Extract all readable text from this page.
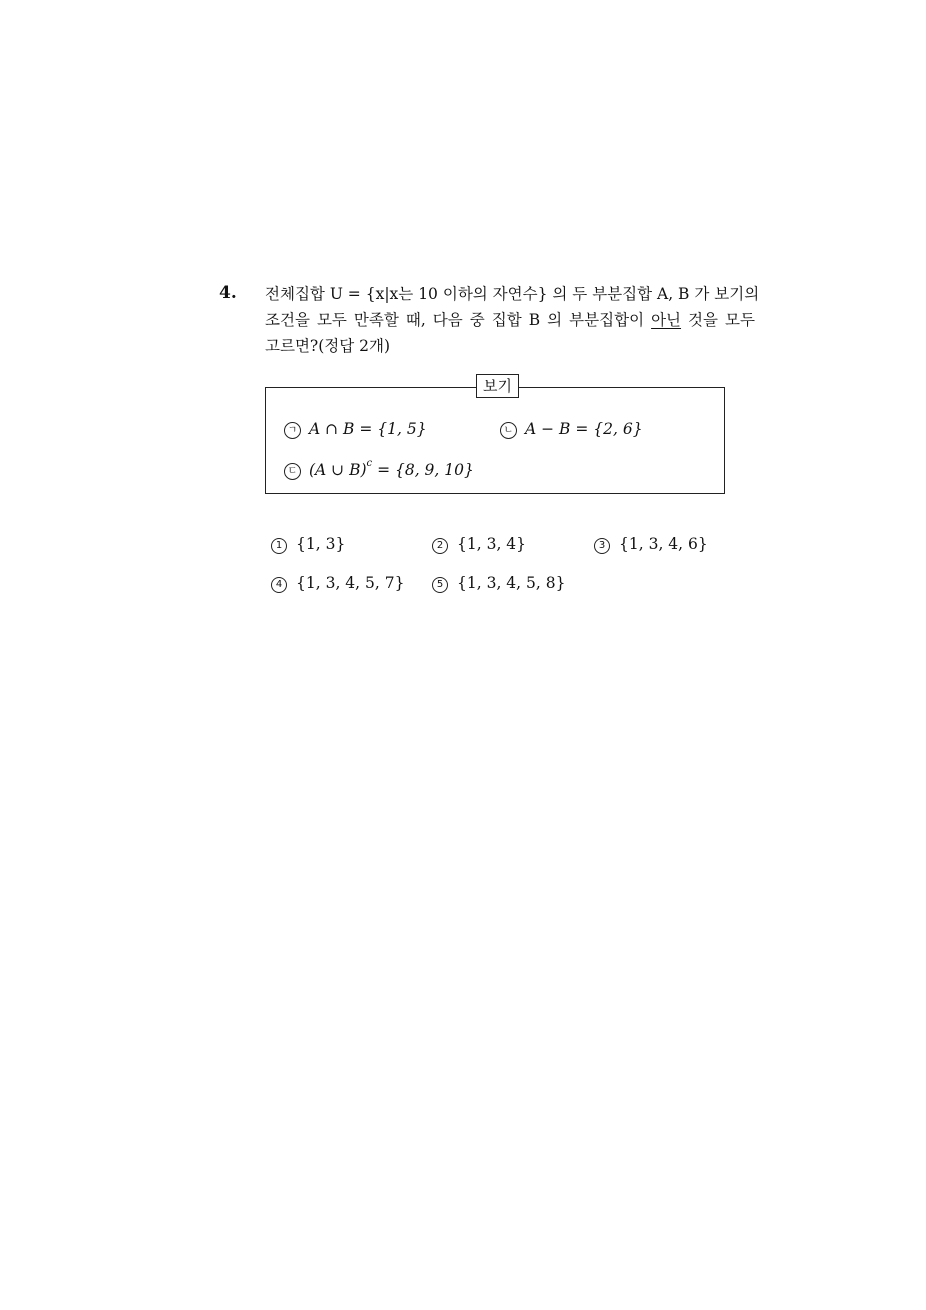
4. 전체집합 U = {x|x는 10 이하의 자연수} 의 두 부분집합 A, B 가 보기의
조건을 모두 만족할 때, 다음 중 집합 B 의 부분집합이 아닌 것을 모두
고르면?(정답 2개)
보기
ㄱ A ∩ B = {1, 5}	ㄴ A − B = {2, 6}
ㄷ (A ∪ B)$^c$ = {8, 9, 10}
1 {1, 3}	2 {1, 3, 4}	3 {1, 3, 4, 6}
4 {1, 3, 4, 5, 7}	5 {1, 3, 4, 5, 8}
